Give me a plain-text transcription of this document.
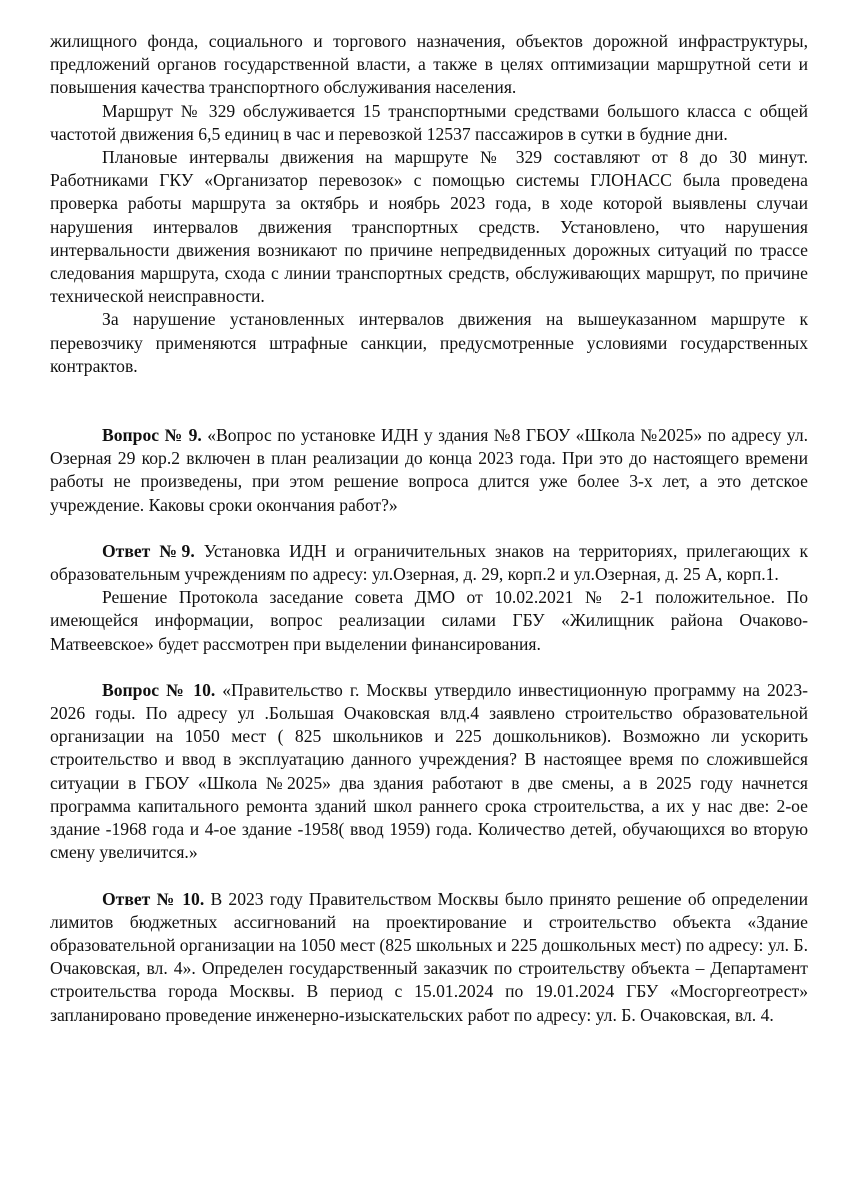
жилищного фонда, социального и торгового назначения, объектов дорожной инфраструктуры, предложений органов государственной власти, а также в целях оптимизации маршрутной сети и повышения качества транспортного обслуживания населения.

Маршрут № 329 обслуживается 15 транспортными средствами большого класса с общей частотой движения 6,5 единиц в час и перевозкой 12537 пассажиров в сутки в будние дни.

Плановые интервалы движения на маршруте № 329 составляют от 8 до 30 минут. Работниками ГКУ «Организатор перевозок» с помощью системы ГЛОНАСС была проведена проверка работы маршрута за октябрь и ноябрь 2023 года, в ходе которой выявлены случаи нарушения интервалов движения транспортных средств. Установлено, что нарушения интервальности движения возникают по причине непредвиденных дорожных ситуаций по трассе следования маршрута, схода с линии транспортных средств, обслуживающих маршрут, по причине технической неисправности.

За нарушение установленных интервалов движения на вышеуказанном маршруте к перевозчику применяются штрафные санкции, предусмотренные условиями государственных контрактов.

Вопрос № 9. «Вопрос по установке ИДН у здания №8 ГБОУ «Школа №2025» по адресу ул. Озерная 29 кор.2 включен в план реализации до конца 2023 года. При это до настоящего времени работы не произведены, при этом решение вопроса длится уже более 3-х лет, а это детское учреждение. Каковы сроки окончания работ?»

Ответ №9. Установка ИДН и ограничительных знаков на территориях, прилегающих к образовательным учреждениям по адресу: ул.Озерная, д. 29, корп.2 и ул.Озерная, д. 25 А, корп.1.

Решение Протокола заседание совета ДМО от 10.02.2021 № 2-1 положительное. По имеющейся информации, вопрос реализации силами ГБУ «Жилищник района Очаково-Матвеевское» будет рассмотрен при выделении финансирования.

Вопрос № 10. «Правительство г. Москвы утвердило инвестиционную программу на 2023-2026 годы. По адресу ул .Большая Очаковская влд.4 заявлено строительство образовательной организации на 1050 мест ( 825 школьников и 225 дошкольников). Возможно ли ускорить строительство и ввод в эксплуатацию данного учреждения? В настоящее время по сложившейся ситуации в ГБОУ «Школа №2025» два здания работают в две смены, а в 2025 году начнется программа капитального ремонта зданий школ раннего срока строительства, а их у нас две: 2-ое здание -1968 года и 4-ое здание -1958( ввод 1959) года. Количество детей, обучающихся во вторую смену увеличится.»

Ответ № 10. В 2023 году Правительством Москвы было принято решение об определении лимитов бюджетных ассигнований на проектирование и строительство объекта «Здание образовательной организации на 1050 мест (825 школьных и 225 дошкольных мест) по адресу: ул. Б. Очаковская, вл. 4». Определен государственный заказчик по строительству объекта – Департамент строительства города Москвы. В период с 15.01.2024 по 19.01.2024 ГБУ «Мосгоргеотрест» запланировано проведение инженерно-изыскательских работ по адресу: ул. Б. Очаковская, вл. 4.
